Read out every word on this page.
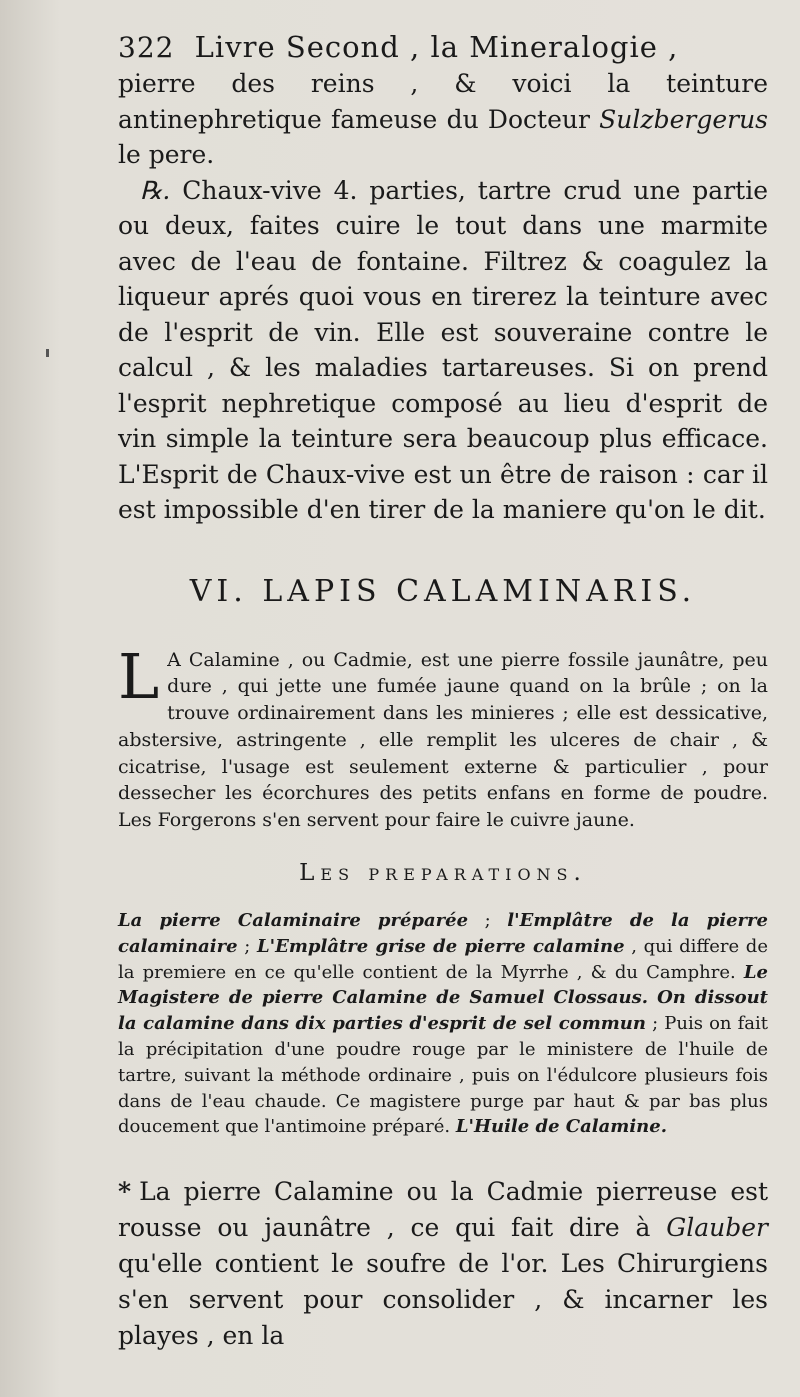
322 Livre Second , la Mineralogie ,

pierre des reins , & voici la teinture antinephretique fameuse du Docteur Sulzbergerus le pere.

℞. Chaux-vive 4. parties, tartre crud une partie ou deux, faites cuire le tout dans une marmite avec de l'eau de fontaine. Filtrez & coagulez la liqueur aprés quoi vous en tirerez la teinture avec de l'esprit de vin. Elle est souveraine contre le calcul , & les maladies tartareuses. Si on prend l'esprit nephretique composé au lieu d'esprit de vin simple la teinture sera beaucoup plus efficace. L'Esprit de Chaux-vive est un être de raison : car il est impossible d'en tirer de la maniere qu'on le dit.

VI. LAPIS CALAMINARIS.

L A Calamine , ou Cadmie, est une pierre fossile jaunâtre, peu dure , qui jette une fumée jaune quand on la brûle ; on la trouve ordinairement dans les minieres ; elle est dessicative, abstersive, astringente , elle remplit les ulceres de chair , & cicatrise, l'usage est seulement externe & particulier , pour dessecher les écorchures des petits enfans en forme de poudre. Les Forgerons s'en servent pour faire le cuivre jaune.

Les preparations.

La pierre Calaminaire préparée ; l'Emplâtre de la pierre calaminaire ; L'Emplâtre grise de pierre calamine , qui differe de la premiere en ce qu'elle contient de la Myrrhe , & du Camphre. Le Magistere de pierre Calamine de Samuel Clossaus. On dissout la calamine dans dix parties d'esprit de sel commun ; Puis on fait la précipitation d'une poudre rouge par le ministere de l'huile de tartre, suivant la méthode ordinaire , puis on l'édulcore plusieurs fois dans de l'eau chaude. Ce magistere purge par haut & par bas plus doucement que l'antimoine préparé. L'Huile de Calamine.

* La pierre Calamine ou la Cadmie pierreuse est rousse ou jaunâtre , ce qui fait dire à Glauber qu'elle contient le soufre de l'or. Les Chirurgiens s'en servent pour consolider , & incarner les playes , en la
